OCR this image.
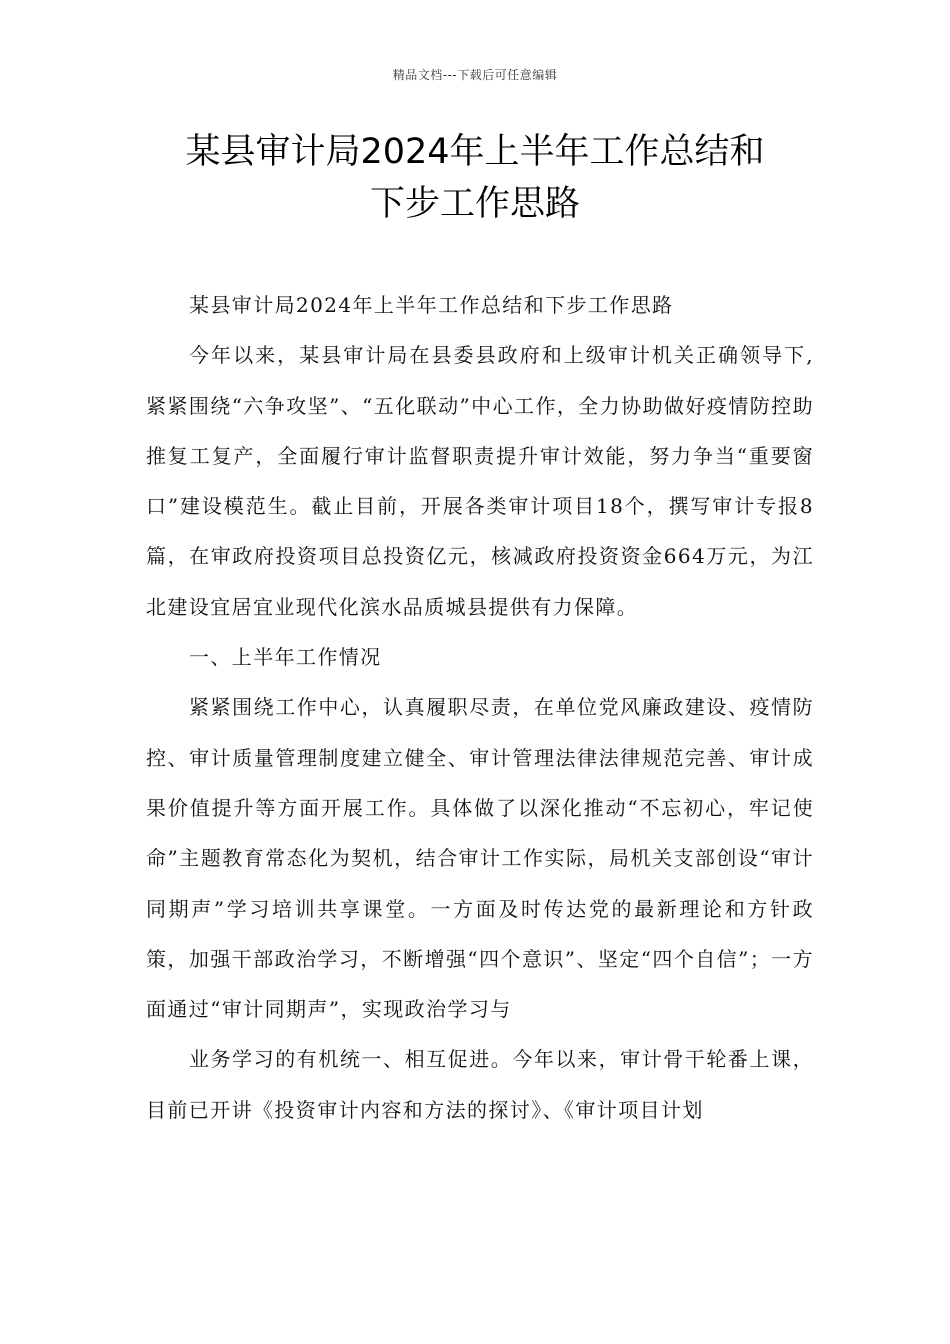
精品文档---下载后可任意编辑
某县审计局2024年上半年工作总结和
下步工作思路

某县审计局2024年上半年工作总结和下步工作思路

今年以来，某县审计局在县委县政府和上级审计机关正确领导下,紧紧围绕“六争攻坚”、“五化联动”中心工作，全力协助做好疫情防控助推复工复产，全面履行审计监督职责提升审计效能，努力争当“重要窗口”建设模范生。截止目前，开展各类审计项目18个，撰写审计专报8篇，在审政府投资项目总投资亿元，核减政府投资资金664万元，为江北建设宜居宜业现代化滨水品质城县提供有力保障。

一、上半年工作情况

紧紧围绕工作中心，认真履职尽责，在单位党风廉政建设、疫情防控、审计质量管理制度建立健全、审计管理法律法律规范完善、审计成果价值提升等方面开展工作。具体做了以深化推动“不忘初心，牢记使命”主题教育常态化为契机，结合审计工作实际，局机关支部创设“审计同期声”学习培训共享课堂。一方面及时传达党的最新理论和方针政策，加强干部政治学习，不断增强“四个意识”、坚定“四个自信”；一方面通过“审计同期声”，实现政治学习与

业务学习的有机统一、相互促进。今年以来，审计骨干轮番上课，目前已开讲《投资审计内容和方法的探讨》、《审计项目计划
